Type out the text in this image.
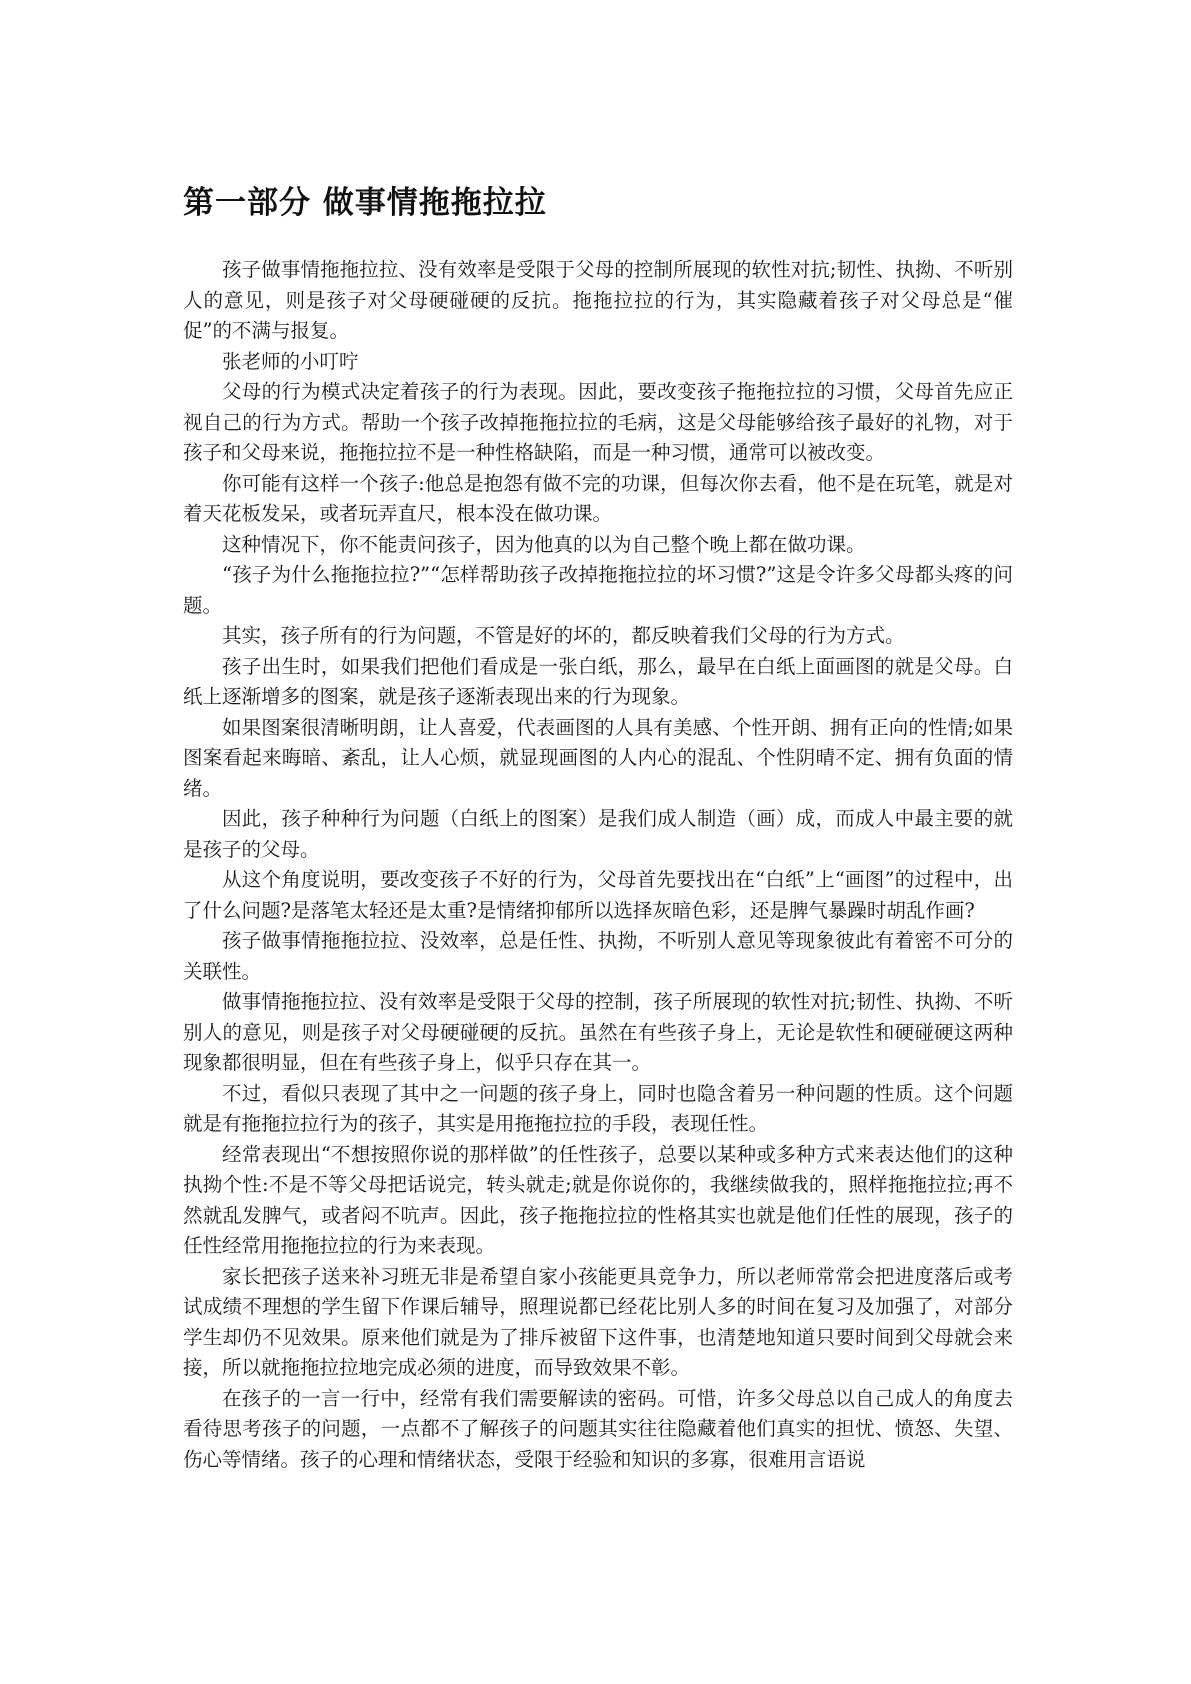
第一部分 做事情拖拖拉拉

孩子做事情拖拖拉拉、没有效率是受限于父母的控制所展现的软性对抗;韧性、执拗、不听别人的意见，则是孩子对父母硬碰硬的反抗。拖拖拉拉的行为，其实隐藏着孩子对父母总是“催促”的不满与报复。

张老师的小叮咛

父母的行为模式决定着孩子的行为表现。因此，要改变孩子拖拖拉拉的习惯，父母首先应正视自己的行为方式。帮助一个孩子改掉拖拖拉拉的毛病，这是父母能够给孩子最好的礼物，对于孩子和父母来说，拖拖拉拉不是一种性格缺陷，而是一种习惯，通常可以被改变。

你可能有这样一个孩子:他总是抱怨有做不完的功课，但每次你去看，他不是在玩笔，就是对着天花板发呆，或者玩弄直尺，根本没在做功课。

这种情况下，你不能责问孩子，因为他真的以为自己整个晚上都在做功课。

“孩子为什么拖拖拉拉?”“怎样帮助孩子改掉拖拖拉拉的坏习惯?”这是令许多父母都头疼的问题。

其实，孩子所有的行为问题，不管是好的坏的，都反映着我们父母的行为方式。

孩子出生时，如果我们把他们看成是一张白纸，那么，最早在白纸上面画图的就是父母。白纸上逐渐增多的图案，就是孩子逐渐表现出来的行为现象。

如果图案很清晰明朗，让人喜爱，代表画图的人具有美感、个性开朗、拥有正向的性情;如果图案看起来晦暗、紊乱，让人心烦，就显现画图的人内心的混乱、个性阴晴不定、拥有负面的情绪。

因此，孩子种种行为问题（白纸上的图案）是我们成人制造（画）成，而成人中最主要的就是孩子的父母。

从这个角度说明，要改变孩子不好的行为，父母首先要找出在“白纸”上“画图”的过程中，出了什么问题?是落笔太轻还是太重?是情绪抑郁所以选择灰暗色彩，还是脾气暴躁时胡乱作画?

孩子做事情拖拖拉拉、没效率，总是任性、执拗，不听别人意见等现象彼此有着密不可分的关联性。

做事情拖拖拉拉、没有效率是受限于父母的控制，孩子所展现的软性对抗;韧性、执拗、不听别人的意见，则是孩子对父母硬碰硬的反抗。虽然在有些孩子身上，无论是软性和硬碰硬这两种现象都很明显，但在有些孩子身上，似乎只存在其一。

不过，看似只表现了其中之一问题的孩子身上，同时也隐含着另一种问题的性质。这个问题就是有拖拖拉拉行为的孩子，其实是用拖拖拉拉的手段，表现任性。

经常表现出“不想按照你说的那样做”的任性孩子，总要以某种或多种方式来表达他们的这种执拗个性:不是不等父母把话说完，转头就走;就是你说你的，我继续做我的，照样拖拖拉拉;再不然就乱发脾气，或者闷不吭声。因此，孩子拖拖拉拉的性格其实也就是他们任性的展现，孩子的任性经常用拖拖拉拉的行为来表现。

家长把孩子送来补习班无非是希望自家小孩能更具竞争力，所以老师常常会把进度落后或考试成绩不理想的学生留下作课后辅导，照理说都已经花比别人多的时间在复习及加强了，对部分学生却仍不见效果。原来他们就是为了排斥被留下这件事，也清楚地知道只要时间到父母就会来接，所以就拖拖拉拉地完成必须的进度，而导致效果不彰。

在孩子的一言一行中，经常有我们需要解读的密码。可惜，许多父母总以自己成人的角度去看待思考孩子的问题，一点都不了解孩子的问题其实往往隐藏着他们真实的担忧、愤怒、失望、伤心等情绪。孩子的心理和情绪状态，受限于经验和知识的多寡，很难用言语说
